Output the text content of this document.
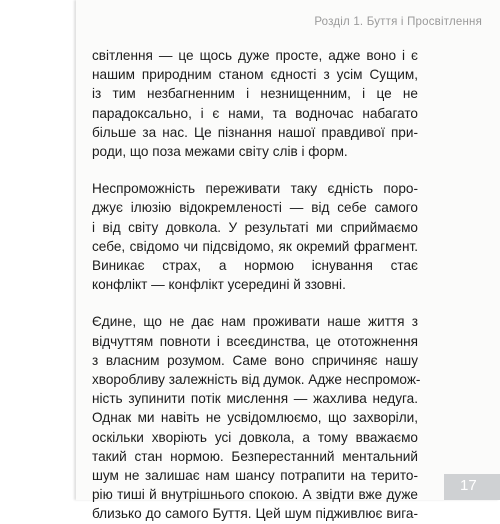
Розділ 1. Буття і Просвітлення

світлення — це щось дуже просте, адже воно і є
нашим природним станом єдності з усім Сущим,
із тим незбагненним і незнищенним, і це не
парадоксально, і є нами, та водночас набагато
більше за нас. Це пізнання нашої правдивої при-
роди, що поза межами світу слів і форм.

Неспроможність переживати таку єдність поро-
джує ілюзію відокремленості — від себе самого
і від світу довкола. У результаті ми сприймаємо
себе, свідомо чи підсвідомо, як окремий фрагмент.
Виникає страх, а нормою існування стає
конфлікт — конфлікт усередині й ззовні.

Єдине, що не дає нам проживати наше життя з
відчуттям повноти і всеєдинства, це ототожнення
з власним розумом. Саме воно спричиняє нашу
хворобливу залежність від думок. Адже неспромож-
ність зупинити потік мислення — жахлива недуга.
Однак ми навіть не усвідомлюємо, що захворіли,
оскільки хворіють усі довкола, а тому вважаємо
такий стан нормою. Безперестанний ментальний
шум не залишає нам шансу потрапити на терито-
рію тиші й внутрішнього спокою. А звідти вже дуже
близько до самого Буття. Цей шум підживлює вига-

17
